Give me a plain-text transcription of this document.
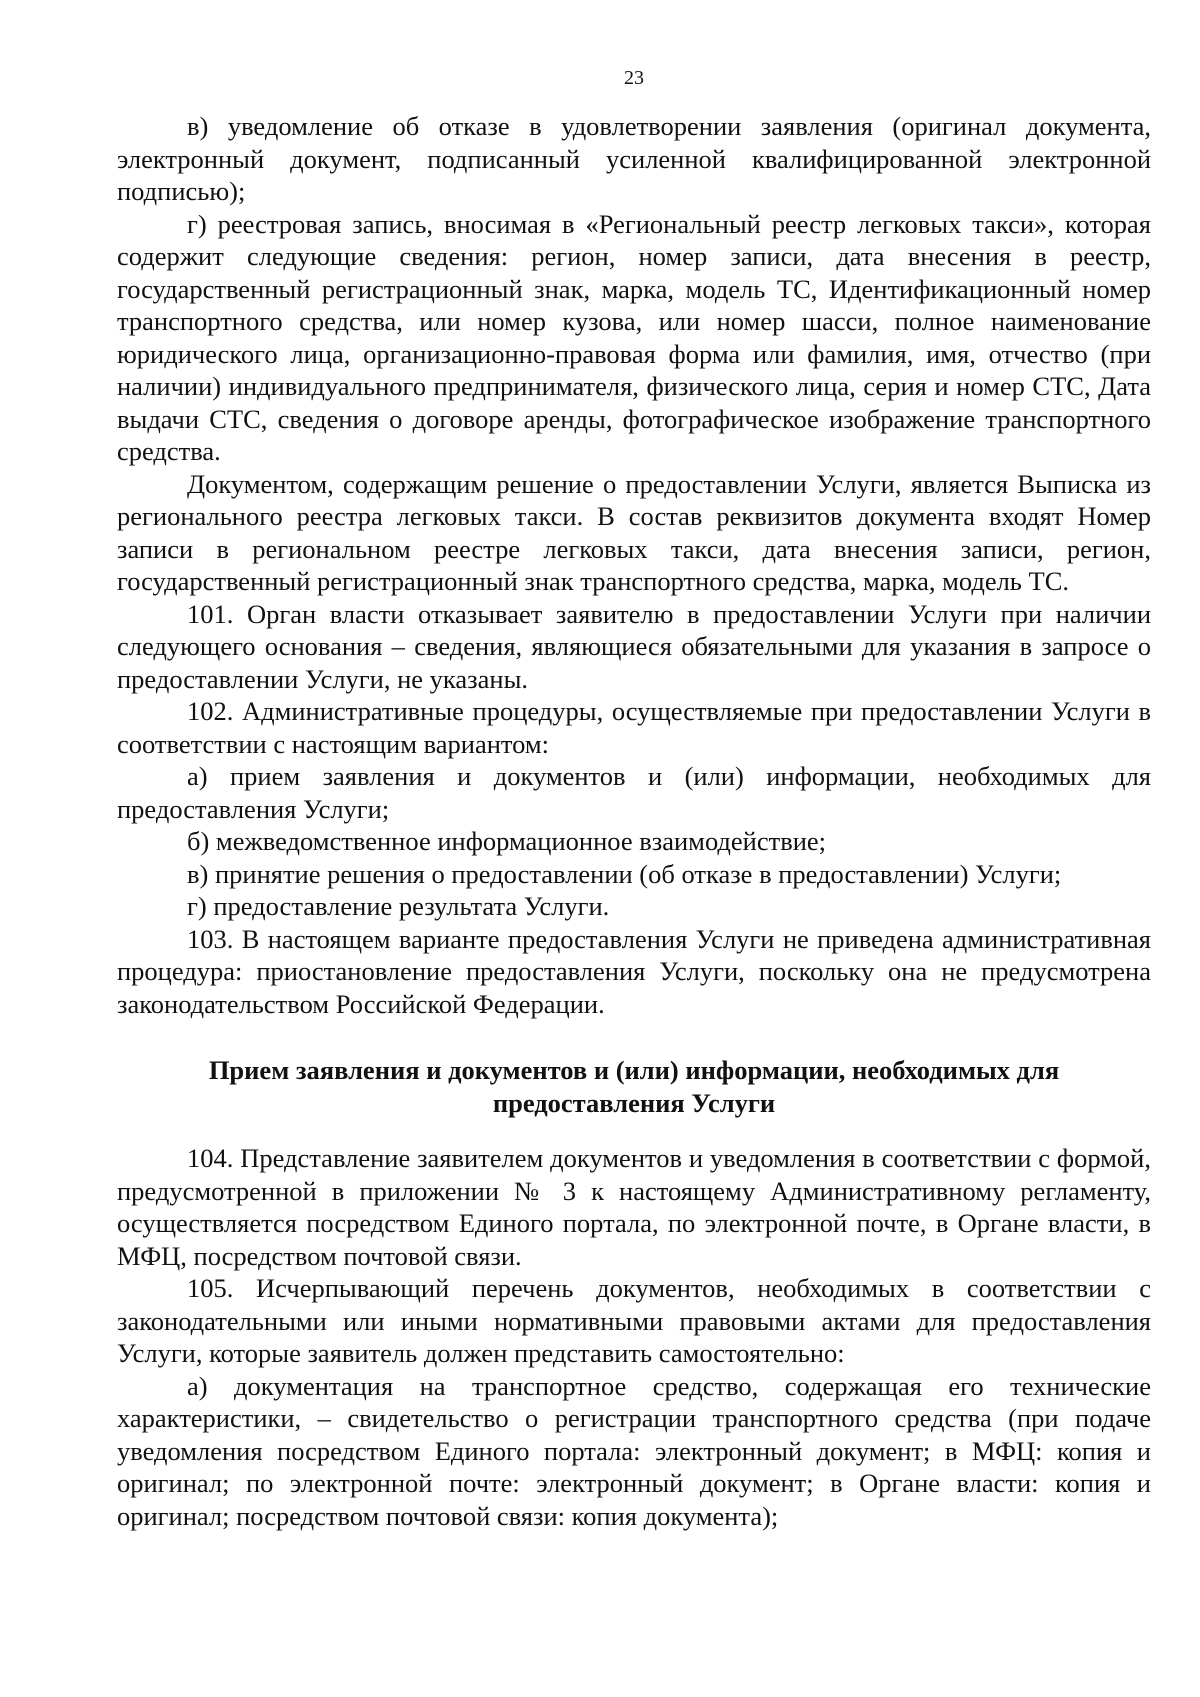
23

в) уведомление об отказе в удовлетворении заявления (оригинал документа, электронный документ, подписанный усиленной квалифицированной электронной подписью);

г) реестровая запись, вносимая в «Региональный реестр легковых такси», которая содержит следующие сведения: регион, номер записи, дата внесения в реестр, государственный регистрационный знак, марка, модель ТС, Идентификационный номер транспортного средства, или номер кузова, или номер шасси, полное наименование юридического лица, организационно-правовая форма или фамилия, имя, отчество (при наличии) индивидуального предпринимателя, физического лица, серия и номер СТС, Дата выдачи СТС, сведения о договоре аренды, фотографическое изображение транспортного средства.

Документом, содержащим решение о предоставлении Услуги, является Выписка из регионального реестра легковых такси. В состав реквизитов документа входят Номер записи в региональном реестре легковых такси, дата внесения записи, регион, государственный регистрационный знак транспортного средства, марка, модель ТС.

101. Орган власти отказывает заявителю в предоставлении Услуги при наличии следующего основания – сведения, являющиеся обязательными для указания в запросе о предоставлении Услуги, не указаны.

102. Административные процедуры, осуществляемые при предоставлении Услуги в соответствии с настоящим вариантом:

а) прием заявления и документов и (или) информации, необходимых для предоставления Услуги;

б) межведомственное информационное взаимодействие;

в) принятие решения о предоставлении (об отказе в предоставлении) Услуги;

г) предоставление результата Услуги.

103. В настоящем варианте предоставления Услуги не приведена административная процедура: приостановление предоставления Услуги, поскольку она не предусмотрена законодательством Российской Федерации.

Прием заявления и документов и (или) информации, необходимых для
предоставления Услуги

104. Представление заявителем документов и уведомления в соответствии с формой, предусмотренной в приложении № 3 к настоящему Административному регламенту, осуществляется посредством Единого портала, по электронной почте, в Органе власти, в МФЦ, посредством почтовой связи.

105. Исчерпывающий перечень документов, необходимых в соответствии с законодательными или иными нормативными правовыми актами для предоставления Услуги, которые заявитель должен представить самостоятельно:

а) документация на транспортное средство, содержащая его технические характеристики, – свидетельство о регистрации транспортного средства (при подаче уведомления посредством Единого портала: электронный документ; в МФЦ: копия и оригинал; по электронной почте: электронный документ; в Органе власти: копия и оригинал; посредством почтовой связи: копия документа);
